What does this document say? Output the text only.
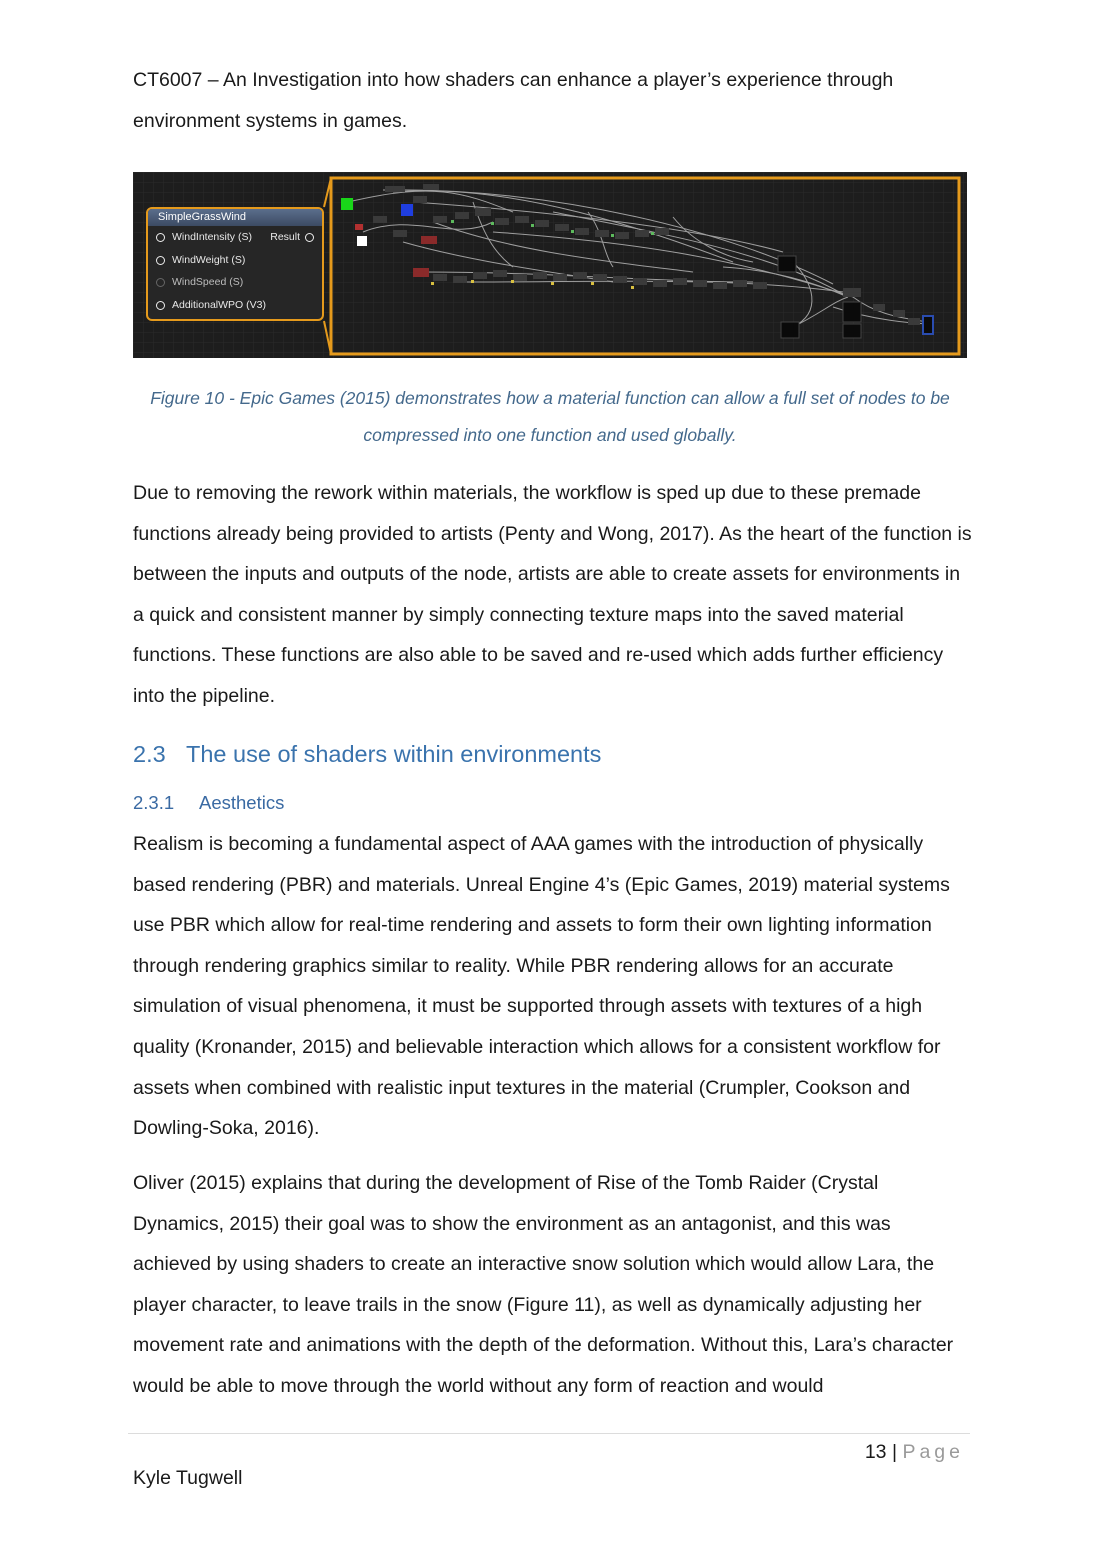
CT6007 – An Investigation into how shaders can enhance a player’s experience through environment systems in games.
SimpleGrassWind
WindIntensity (S) Result
WindWeight (S)
WindSpeed (S)
AdditionalWPO (V3)
Figure 10 - Epic Games (2015) demonstrates how a material function can allow a full set of nodes to be compressed into one function and used globally.

Due to removing the rework within materials, the workflow is sped up due to these premade functions already being provided to artists (Penty and Wong, 2017). As the heart of the function is between the inputs and outputs of the node, artists are able to create assets for environments in a quick and consistent manner by simply connecting texture maps into the saved material functions. These functions are also able to be saved and re-used which adds further efficiency into the pipeline.

2.3 The use of shaders within environments
2.3.1 Aesthetics

Realism is becoming a fundamental aspect of AAA games with the introduction of physically based rendering (PBR) and materials. Unreal Engine 4’s (Epic Games, 2019) material systems use PBR which allow for real-time rendering and assets to form their own lighting information through rendering graphics similar to reality. While PBR rendering allows for an accurate simulation of visual phenomena, it must be supported through assets with textures of a high quality (Kronander, 2015) and believable interaction which allows for a consistent workflow for assets when combined with realistic input textures in the material (Crumpler, Cookson and Dowling-Soka, 2016).

Oliver (2015) explains that during the development of Rise of the Tomb Raider (Crystal Dynamics, 2015) their goal was to show the environment as an antagonist, and this was achieved by using shaders to create an interactive snow solution which would allow Lara, the player character, to leave trails in the snow (Figure 11), as well as dynamically adjusting her movement rate and animations with the depth of the deformation. Without this, Lara’s character would be able to move through the world without any form of reaction and would

13 | Page
Kyle Tugwell
